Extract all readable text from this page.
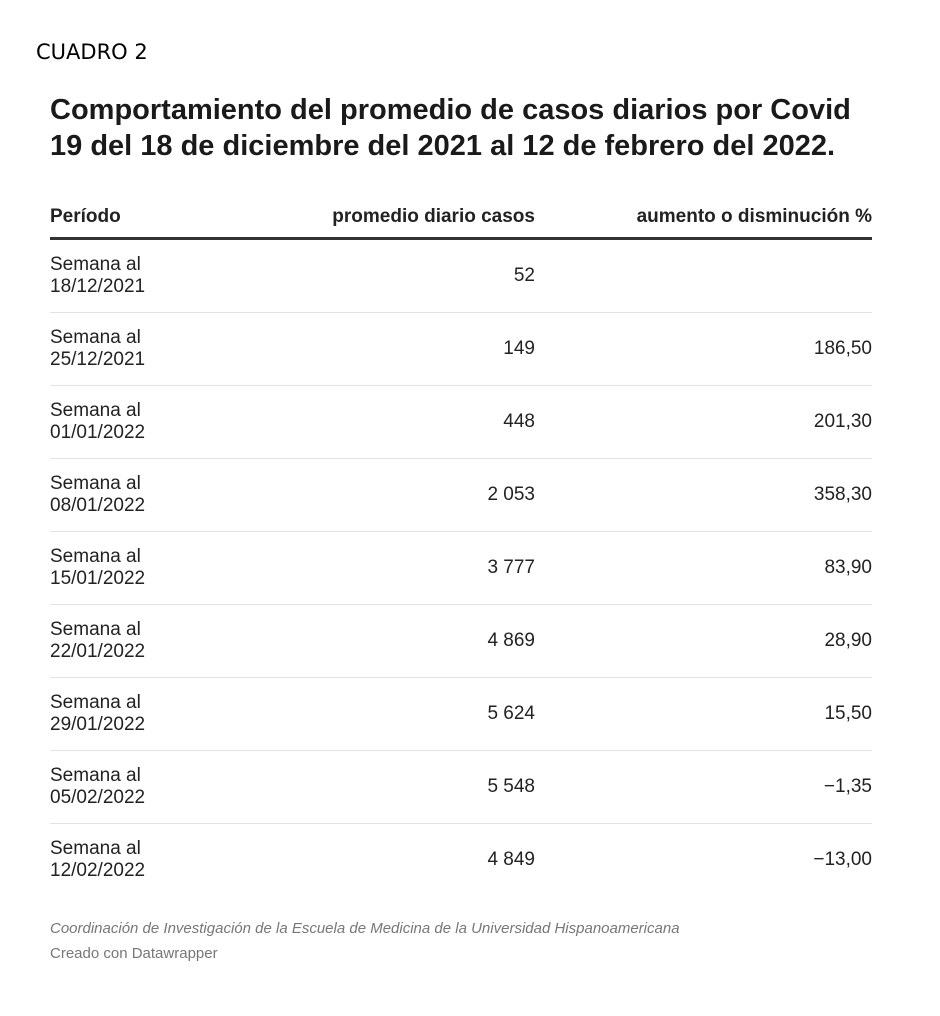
CUADRO 2
Comportamiento del promedio de casos diarios por Covid 19 del 18 de diciembre del 2021 al 12 de febrero del 2022.
Período	promedio diario casos	aumento o disminución %
Semana al
18/12/2021
52
Semana al
25/12/2021
149	186,50
Semana al
01/01/2022
448	201,30
Semana al
08/01/2022
2 053	358,30
Semana al
15/01/2022
3 777	83,90
Semana al
22/01/2022
4 869	28,90
Semana al
29/01/2022
5 624	15,50
Semana al
05/02/2022
5 548	−1,35
Semana al
12/02/2022
4 849	−13,00
Coordinación de Investigación de la Escuela de Medicina de la Universidad Hispanoamericana
Creado con Datawrapper
